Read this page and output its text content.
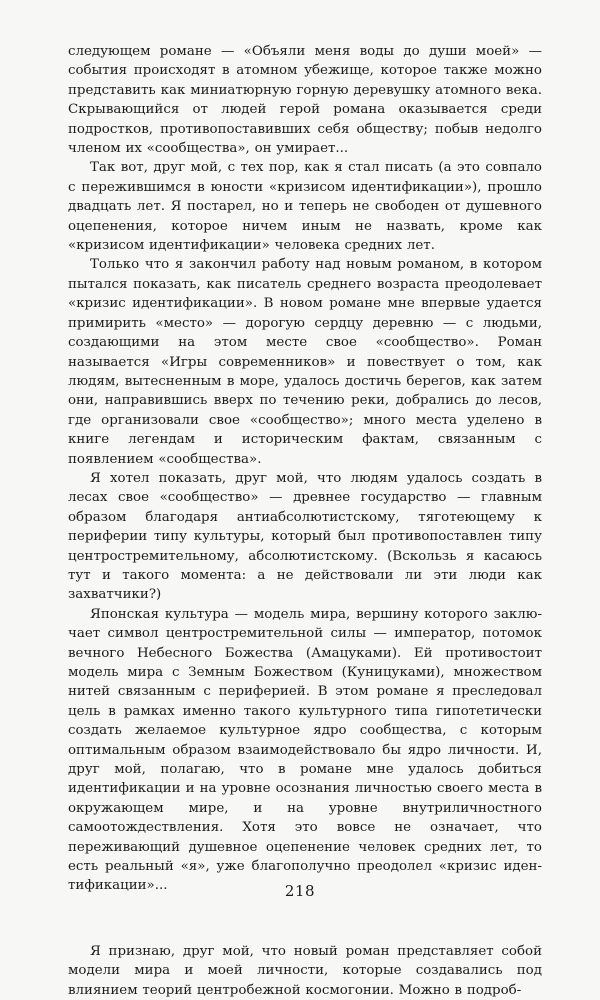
следующем романе — «Объяли меня воды до души моей» — события происходят в атомном убежище, которое также можно представить как миниатюрную горную деревушку атомного века. Скрывающийся от людей герой романа оказывается среди подростков, противопоставивших себя обществу; побыв недолго членом их «сообщества», он умирает...

Так вот, друг мой, с тех пор, как я стал писать (а это совпало с пережившимся в юности «кризисом идентификации»), прошло двадцать лет. Я постарел, но и теперь не свободен от душевного оцепенения, которое ничем иным не назвать, кроме как «кризисом идентификации» человека средних лет.

Только что я закончил работу над новым романом, в котором пытался показать, как писатель среднего возраста преодолевает «кризис идентификации». В новом романе мне впервые удается примирить «место» — дорогую сердцу деревню — с людьми, создающими на этом месте свое «сообщество». Роман называется «Игры современников» и повествует о том, как людям, вытесненным в море, удалось достичь берегов, как затем они, направившись вверх по течению реки, добрались до лесов, где организовали свое «сообщество»; много места уделено в книге легендам и историческим фактам, связанным с появлением «сообщества».

Я хотел показать, друг мой, что людям удалось создать в лесах свое «сообщество» — древнее государство — главным образом благодаря антиабсолютистскому, тяготеющему к периферии типу культуры, который был противопоставлен типу центростремительному, абсолютистскому. (Вскользь я касаюсь тут и такого момента: а не действовали ли эти люди как захватчики?)

Японская культура — модель мира, вершину которого заключает символ центростремительной силы — император, потомок вечного Небесного Божества (Амацуками). Ей противостоит модель мира с Земным Божеством (Куницуками), множеством нитей связанным с периферией. В этом романе я преследовал цель в рамках именно такого культурного типа гипотетически создать желаемое культурное ядро сообщества, с которым оптимальным образом взаимодействовало бы ядро личности. И, друг мой, полагаю, что в романе мне удалось добиться идентификации и на уровне осознания личностью своего места в окружающем мире, и на уровне внутриличностного самоотождествления. Хотя это вовсе не означает, что переживающий душевное оцепенение человек средних лет, то есть реальный «я», уже благополучно преодолел «кризис идентификации»...

Я признаю, друг мой, что новый роман представляет собой модели мира и моей личности, которые создавались под влиянием теорий центробежной космогонии. Можно в подроб-

218
